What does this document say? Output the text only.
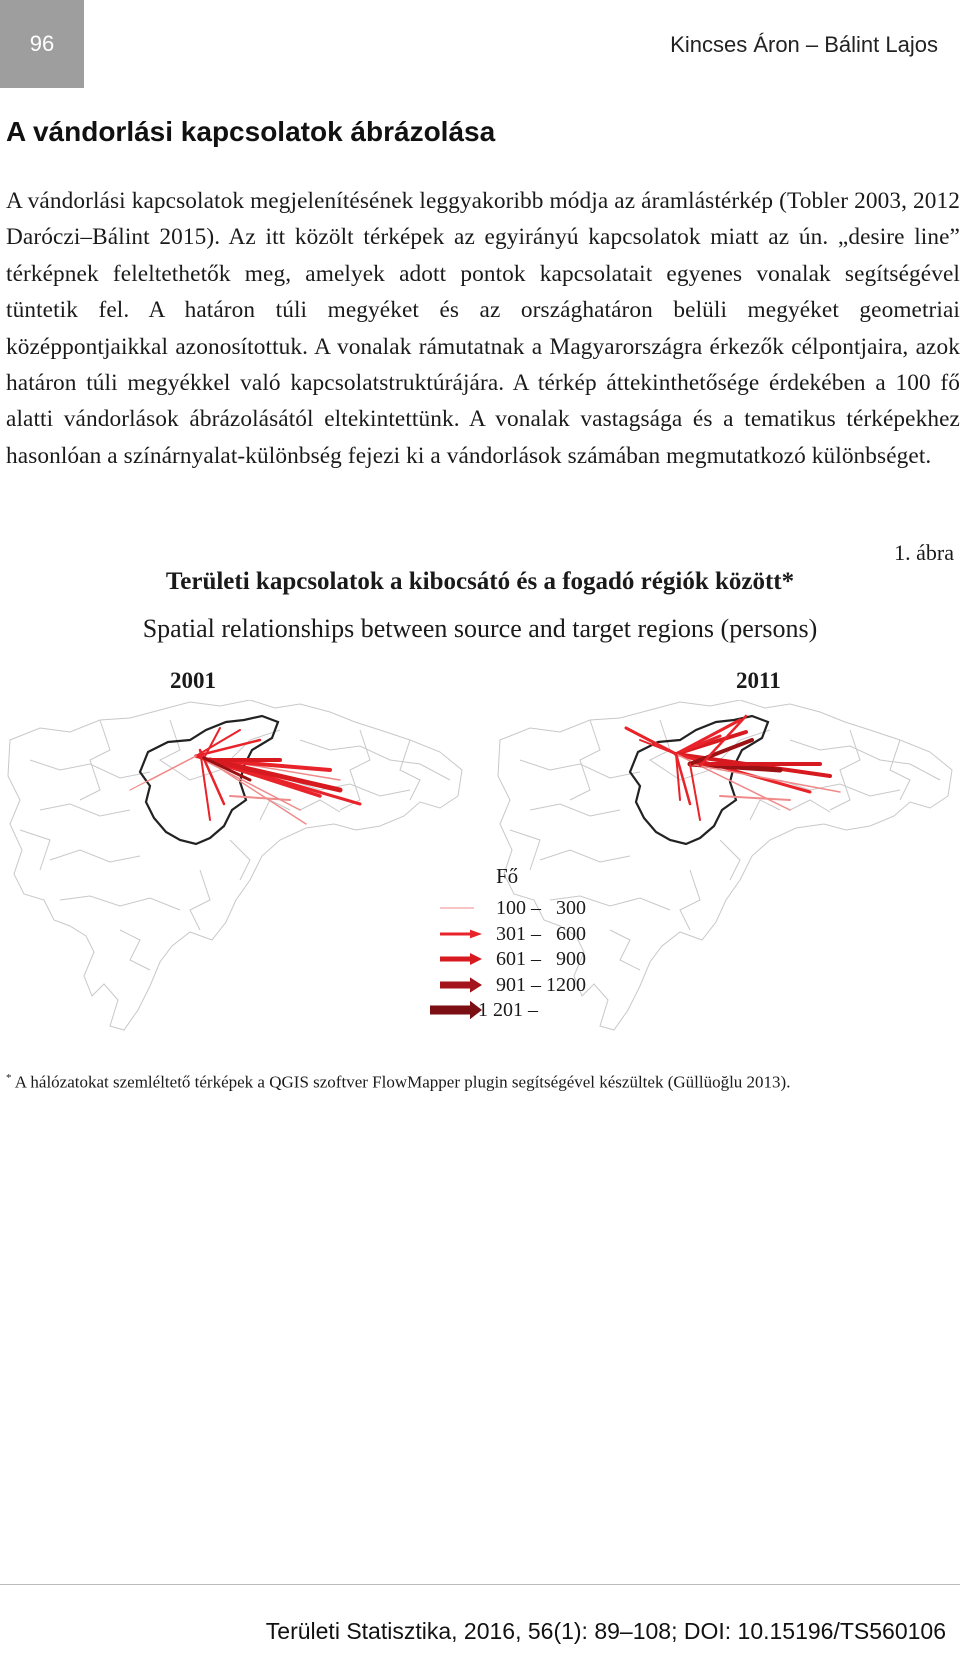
96	Kincses Áron – Bálint Lajos
A vándorlási kapcsolatok ábrázolása

A vándorlási kapcsolatok megjelenítésének leggyakoribb módja az áramlástérkép (Tobler 2003, 2012 Daróczi–Bálint 2015). Az itt közölt térképek az egyirányú kapcsolatok miatt az ún. „desire line” térképnek feleltethetők meg, amelyek adott pontok kapcsolatait egyenes vonalak segítségével tüntetik fel. A határon túli megyéket és az országhatáron belüli megyéket geometriai középpontjaikkal azonosítottuk. A vonalak rámutatnak a Magyarországra érkezők célpontjaira, azok határon túli megyékkel való kapcsolatstruktúrájára. A térkép áttekinthetősége érdekében a 100 fő alatti vándorlások ábrázolásától eltekintettünk. A vonalak vastagsága és a tematikus térképekhez hasonlóan a színárnyalat-különbség fejezi ki a vándorlások számában megmutatkozó különbséget.

1. ábra
Területi kapcsolatok a kibocsátó és a fogadó régiók között*
Spatial relationships between source and target regions (persons)
2001	2011
Fő
100 –   300
301 –   600
601 –   900
901 – 1200
1 201 –

* A hálózatokat szemléltető térképek a QGIS szoftver FlowMapper plugin segítségével készültek (Güllüoğlu 2013).

Területi Statisztika, 2016, 56(1): 89–108; DOI: 10.15196/TS560106
